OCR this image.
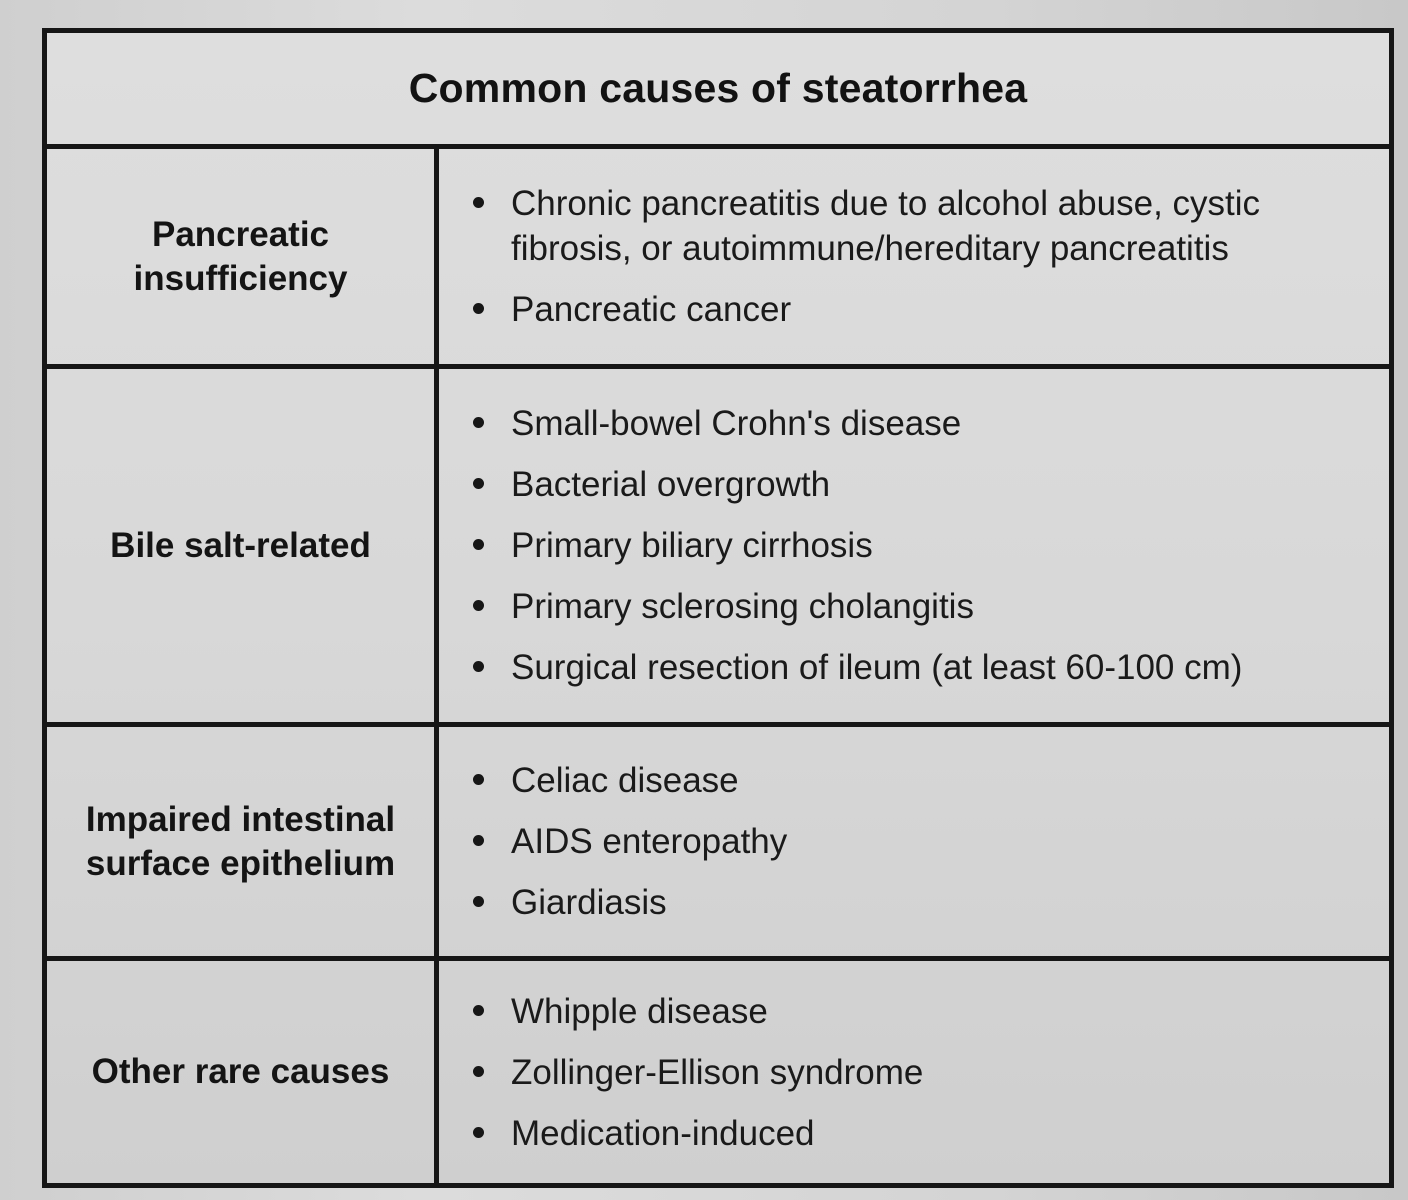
Common causes of steatorrhea
Pancreatic insufficiency
Chronic pancreatitis due to alcohol abuse, cystic fibrosis, or autoimmune/hereditary pancreatitis
Pancreatic cancer
Bile salt-related
Small-bowel Crohn's disease
Bacterial overgrowth
Primary biliary cirrhosis
Primary sclerosing cholangitis
Surgical resection of ileum (at least 60-100 cm)
Impaired intestinal surface epithelium
Celiac disease
AIDS enteropathy
Giardiasis
Other rare causes
Whipple disease
Zollinger-Ellison syndrome
Medication-induced
